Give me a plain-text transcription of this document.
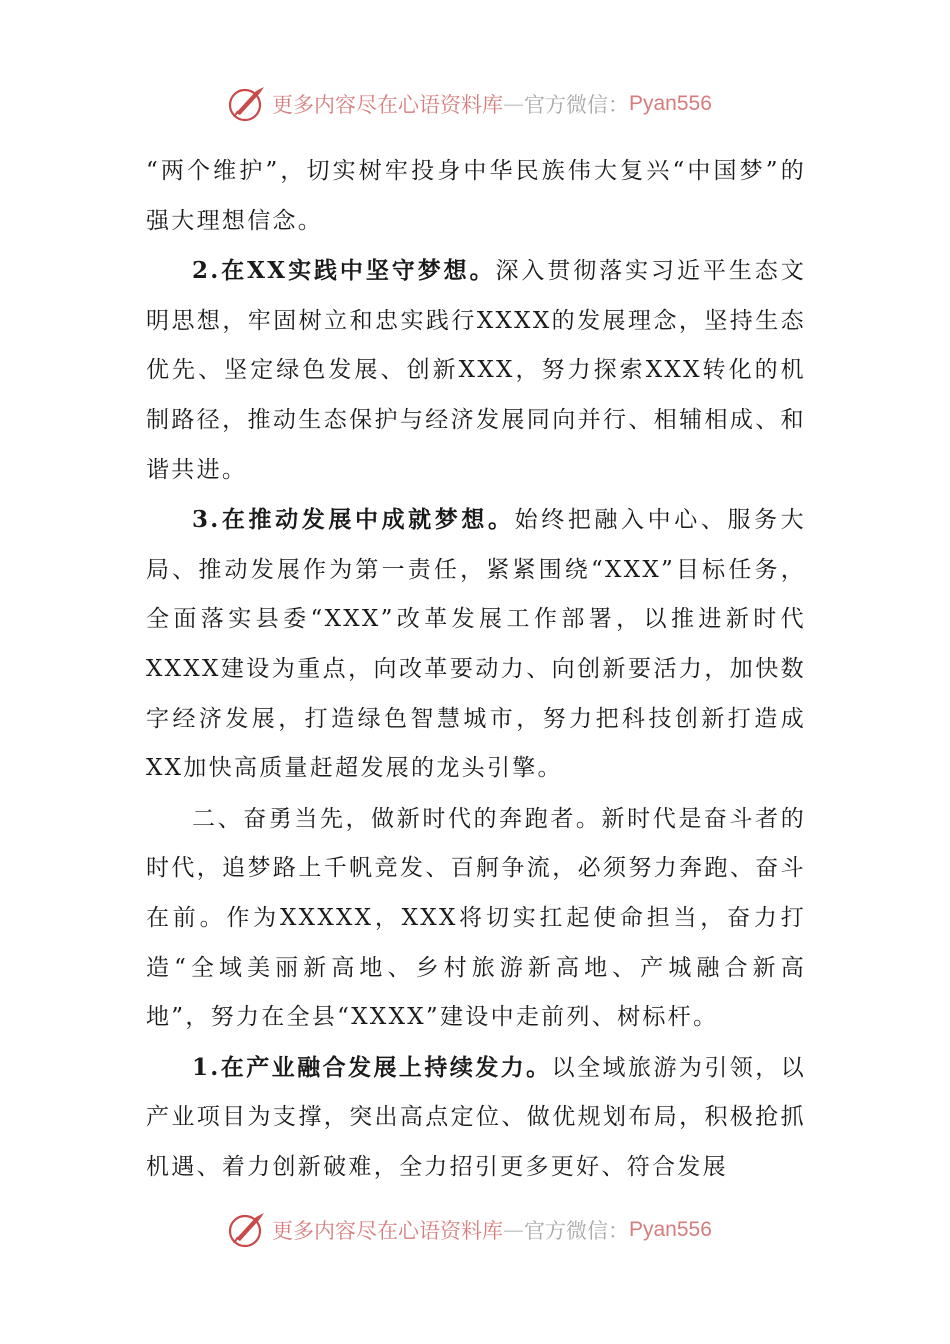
更多内容尽在心语资料库 — 官方微信： Pyan556

“两个维护”，切实树牢投身中华民族伟大复兴“中国梦”的强大理想信念。

2.在XX实践中坚守梦想。深入贯彻落实习近平生态文明思想，牢固树立和忠实践行XXXX的发展理念，坚持生态优先、坚定绿色发展、创新XXX，努力探索XXX转化的机制路径，推动生态保护与经济发展同向并行、相辅相成、和谐共进。

3.在推动发展中成就梦想。始终把融入中心、服务大局、推动发展作为第一责任，紧紧围绕“XXX”目标任务，全面落实县委“XXX”改革发展工作部署，以推进新时代XXXX建设为重点，向改革要动力、向创新要活力，加快数字经济发展，打造绿色智慧城市，努力把科技创新打造成XX加快高质量赶超发展的龙头引擎。

二、奋勇当先，做新时代的奔跑者。新时代是奋斗者的时代，追梦路上千帆竞发、百舸争流，必须努力奔跑、奋斗在前。作为XXXXX，XXX将切实扛起使命担当，奋力打造“全域美丽新高地、乡村旅游新高地、产城融合新高地”，努力在全县“XXXX”建设中走前列、树标杆。

1.在产业融合发展上持续发力。以全域旅游为引领，以产业项目为支撑，突出高点定位、做优规划布局，积极抢抓机遇、着力创新破难，全力招引更多更好、符合发展

更多内容尽在心语资料库 — 官方微信： Pyan556
